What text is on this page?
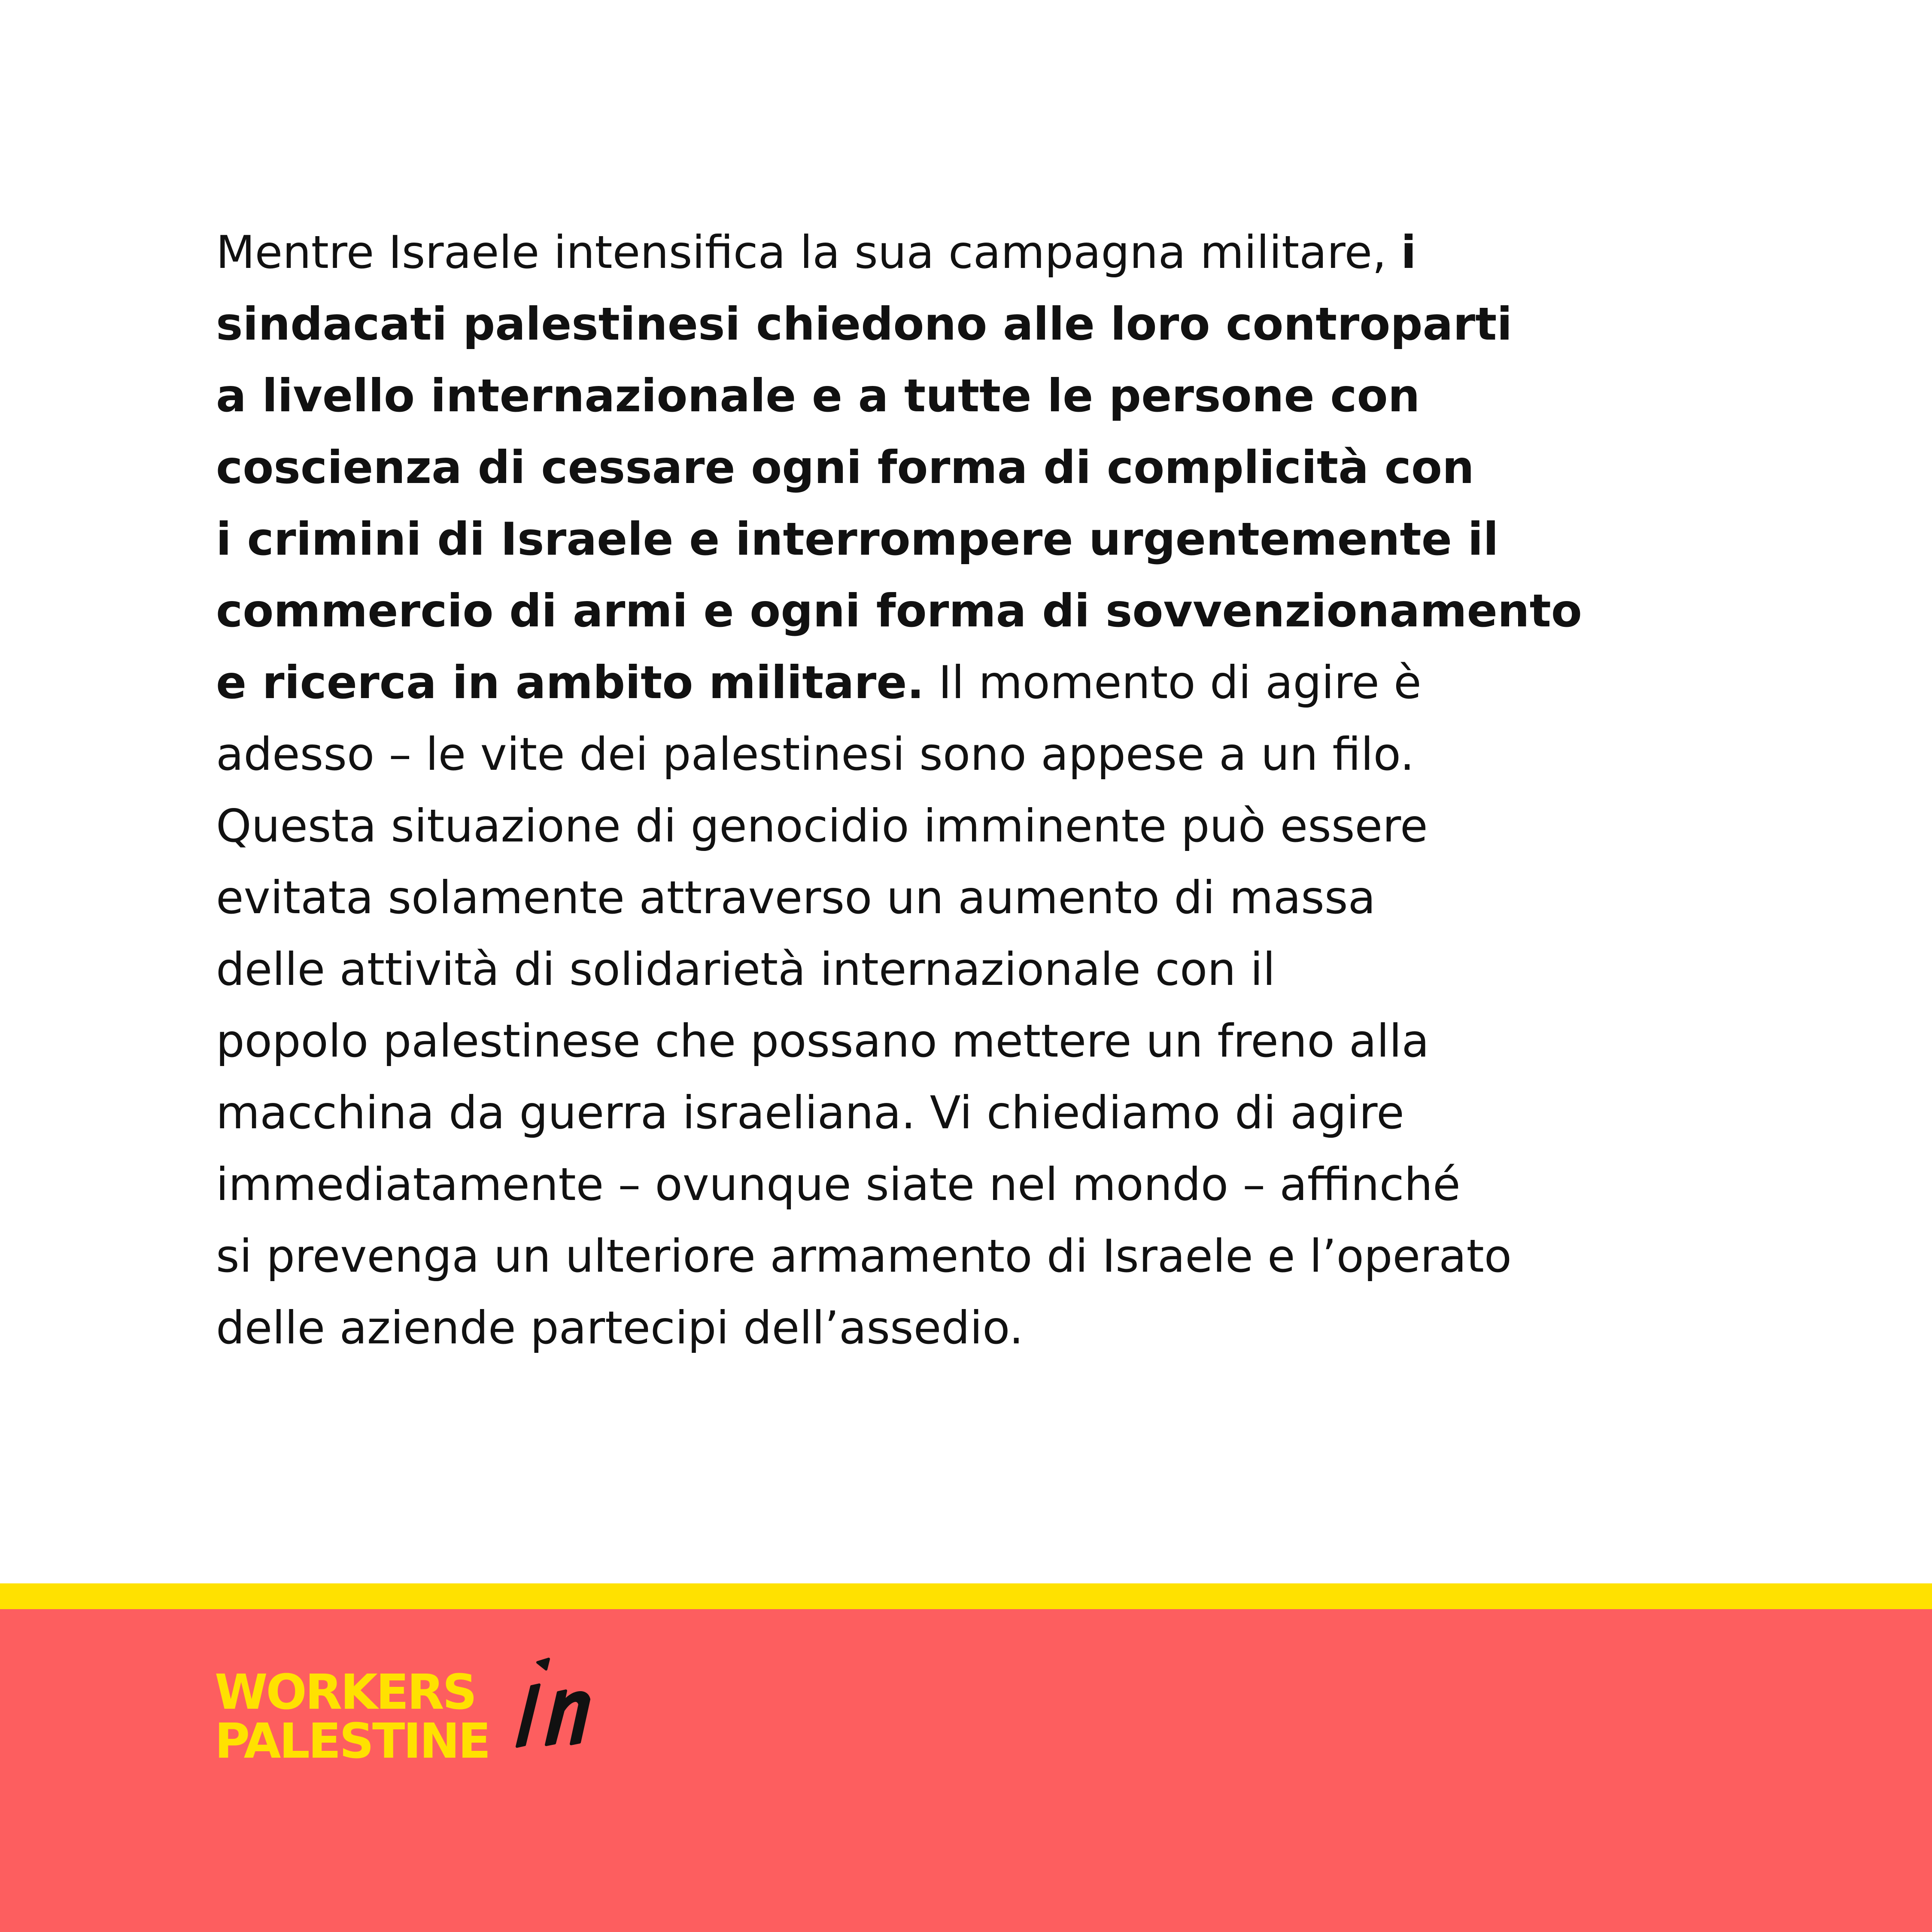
Mentre Israele intensifica la sua campagna militare, i
sindacati palestinesi chiedono alle loro controparti
a livello internazionale e a tutte le persone con
coscienza di cessare ogni forma di complicità con
i crimini di Israele e interrompere urgentemente il
commercio di armi e ogni forma di sovvenzionamento
e ricerca in ambito militare. Il momento di agire è
adesso – le vite dei palestinesi sono appese a un filo.
Questa situazione di genocidio imminente può essere
evitata solamente attraverso un aumento di massa
delle attività di solidarietà internazionale con il
popolo palestinese che possano mettere un freno alla
macchina da guerra israeliana. Vi chiediamo di agire
immediatamente – ovunque siate nel mondo – affinché
si prevenga un ulteriore armamento di Israele e l’operato
delle aziende partecipi dell’assedio.
WORKERS
PALESTINE
